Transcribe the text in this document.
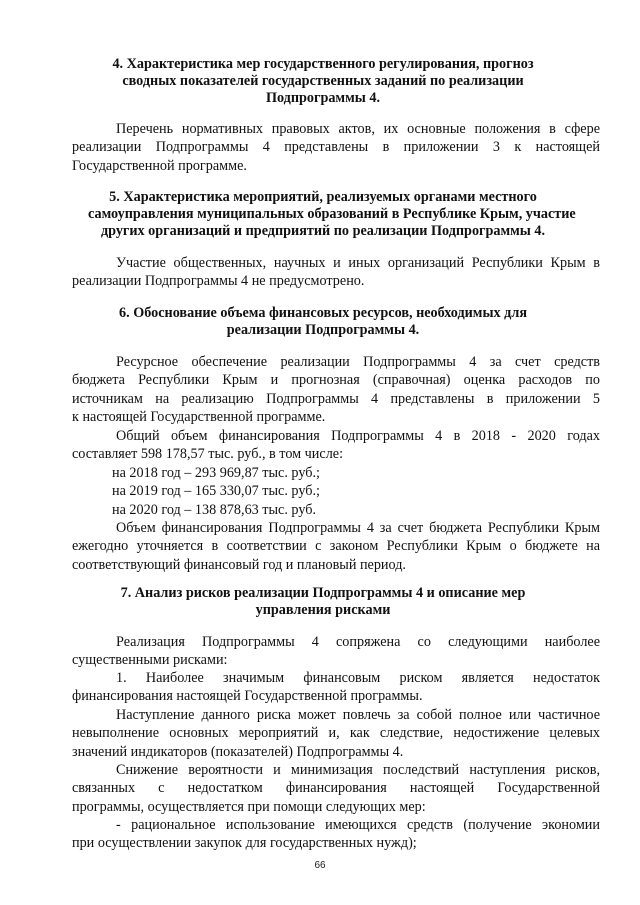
4. Характеристика мер государственного регулирования, прогноз
сводных показателей государственных заданий по реализации
Подпрограммы 4.
Перечень нормативных правовых актов, их основные положения в сфере
реализации Подпрограммы 4 представлены в приложении 3 к настоящей
Государственной программе.
5. Характеристика мероприятий, реализуемых органами местного
самоуправления муниципальных образований в Республике Крым, участие
других организаций и предприятий по реализации Подпрограммы 4.
Участие общественных, научных и иных организаций Республики Крым в
реализации Подпрограммы 4 не предусмотрено.
6. Обоснование объема финансовых ресурсов, необходимых для
реализации Подпрограммы 4.
Ресурсное обеспечение реализации Подпрограммы 4 за счет средств
бюджета Республики Крым и прогнозная (справочная) оценка расходов по
источникам на реализацию Подпрограммы 4 представлены в приложении 5
к настоящей Государственной программе.
Общий объем финансирования Подпрограммы 4 в 2018 - 2020 годах
составляет 598 178,57 тыс. руб., в том числе:
на 2018 год – 293 969,87 тыс. руб.;
на 2019 год – 165 330,07 тыс. руб.;
на 2020 год – 138 878,63 тыс. руб.
Объем финансирования Подпрограммы 4 за счет бюджета Республики Крым
ежегодно уточняется в соответствии с законом Республики Крым о бюджете на
соответствующий финансовый год и плановый период.
7. Анализ рисков реализации Подпрограммы 4 и описание мер
управления рисками
Реализация Подпрограммы 4 сопряжена со следующими наиболее
существенными рисками:
1. Наиболее значимым финансовым риском является недостаток
финансирования настоящей Государственной программы.
Наступление данного риска может повлечь за собой полное или частичное
невыполнение основных мероприятий и, как следствие, недостижение целевых
значений индикаторов (показателей) Подпрограммы 4.
Снижение вероятности и минимизация последствий наступления рисков,
связанных с недостатком финансирования настоящей Государственной
программы, осуществляется при помощи следующих мер:
- рациональное использование имеющихся средств (получение экономии
при осуществлении закупок для государственных нужд);
66
